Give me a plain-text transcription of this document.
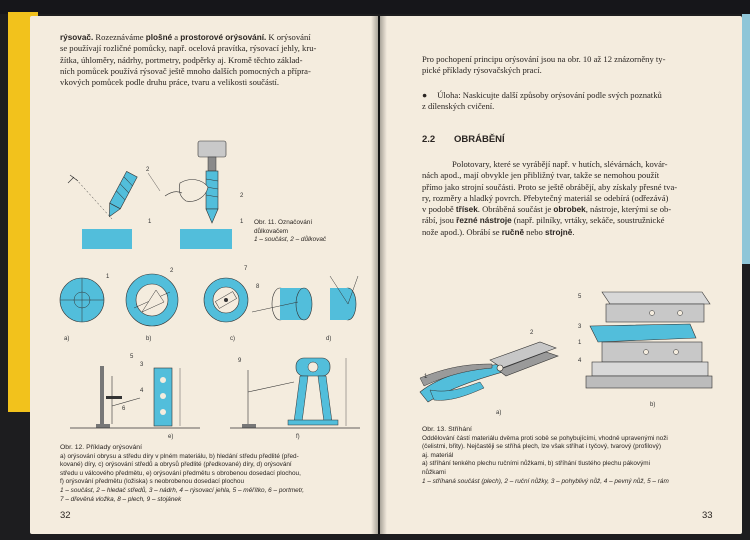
rýsovač. Rozeznáváme plošné a prostorové orýsování. K orýsování
se používají rozličné pomůcky, např. ocelová pravítka, rýsovací jehly, kru-
žítka, úhloměry, nádrhy, portmetry, podpěrky aj. Kromě těchto základ-
ních pomůcek používá rýsovač ještě mnoho dalších pomocných a přípra-
vkových pomůcek podle druhu práce, tvaru a velikosti součástí.
2
1
2
1 Obr. 11. Označování
důlkovačem
1 – součást, 2 – důlkovač
a)	b)	c)	d)
1
2	7
8
e)	f)
5
3
4
6
9
Obr. 12. Příklady orýsování
a) orýsování obrysu a středu díry v plném materiálu, b) hledání středu předlité (před-
kované) díry, c) orýsování středů a obrysů předlité (předkované) díry, d) orýsování
středu u válcového předmětu, e) orýsování předmětu s obrobenou dosedací plochou,
f) orýsování předmětu (ložiska) s neobrobenou dosedací plochou
1 – součást, 2 – hledač středů, 3 – nádrh, 4 – rýsovací jehla, 5 – měřítko, 6 – portmetr,
7 – dřevěná vložka, 8 – plech, 9 – stojánek
32
Pro pochopení principu orýsování jsou na obr. 10 až 12 znázorněny ty-
pické příklady rýsovačských prací.
● Úloha: Naskicujte další způsoby orýsování podle svých poznatků
z dílenských cvičení.
2.2 OBRÁBĚNÍ
Polotovary, které se vyrábějí např. v hutích, slévárnách, kovár-
nách apod., mají obvykle jen přibližný tvar, takže se nemohou použít
přímo jako strojní součásti. Proto se ještě obrábějí, aby získaly přesné tva-
ry, rozměry a hladký povrch. Přebytečný materiál se odebírá (odřezává)
v podobě třísek. Obráběná součást je obrobek, nástroje, kterými se ob-
rábí, jsou řezné nástroje (např. pilníky, vrtáky, sekáče, soustružnické
nože apod.). Obrábí se ručně nebo strojně.
1
2
a)
5
3
1
4
b)
Obr. 13. Stříhání
Oddělování částí materiálu dvěma proti sobě se pohybujícími, vhodně upravenými noži
(čelistmi, břity). Nejčastěji se stříhá plech, lze však stříhat i tyčový, tvarový (profilový)
aj. materiál
a) stříhání tenkého plechu ručními nůžkami, b) stříhání tlustého plechu pákovými
nůžkami
1 – stříhaná součást (plech), 2 – ruční nůžky, 3 – pohyblivý nůž, 4 – pevný nůž, 5 – rám
33
